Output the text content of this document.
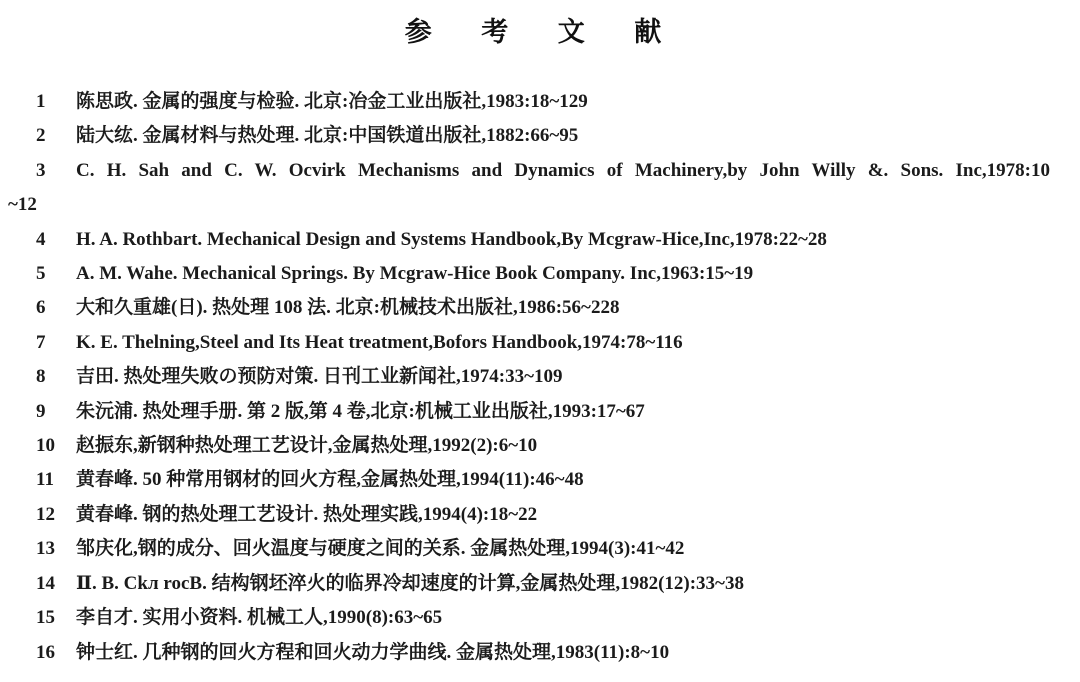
参 考 文 献
1 陈思政. 金属的强度与检验. 北京:冶金工业出版社,1983:18~129
2 陆大纮. 金属材料与热处理. 北京:中国铁道出版社,1882:66~95
3 C. H. Sah and C. W. Ocvirk Mechanisms and Dynamics of Machinery,by John Willy &. Sons. Inc,1978:10
~12
4 H. A. Rothbart. Mechanical Design and Systems Handbook,By Mcgraw-Hice,Inc,1978:22~28
5 A. M. Wahe. Mechanical Springs. By Mcgraw-Hice Book Company. Inc,1963:15~19
6 大和久重雄(日). 热处理 108 法. 北京:机械技术出版社,1986:56~228
7 K. E. Thelning,Steel and Its Heat treatment,Bofors Handbook,1974:78~116
8 吉田. 热处理失败の预防对策. 日刊工业新闻社,1974:33~109
9 朱沅浦. 热处理手册. 第 2 版,第 4 卷,北京:机械工业出版社,1993:17~67
10 赵振东,新钢种热处理工艺设计,金属热处理,1992(2):6~10
11 黄春峰. 50 种常用钢材的回火方程,金属热处理,1994(11):46~48
12 黄春峰. 钢的热处理工艺设计. 热处理实践,1994(4):18~22
13 邹庆化,钢的成分、回火温度与硬度之间的关系. 金属热处理,1994(3):41~42
14 Ⅱ. B. Ckл rocB. 结构钢坯淬火的临界冷却速度的计算,金属热处理,1982(12):33~38
15 李自才. 实用小资料. 机械工人,1990(8):63~65
16 钟士红. 几种钢的回火方程和回火动力学曲线. 金属热处理,1983(11):8~10
